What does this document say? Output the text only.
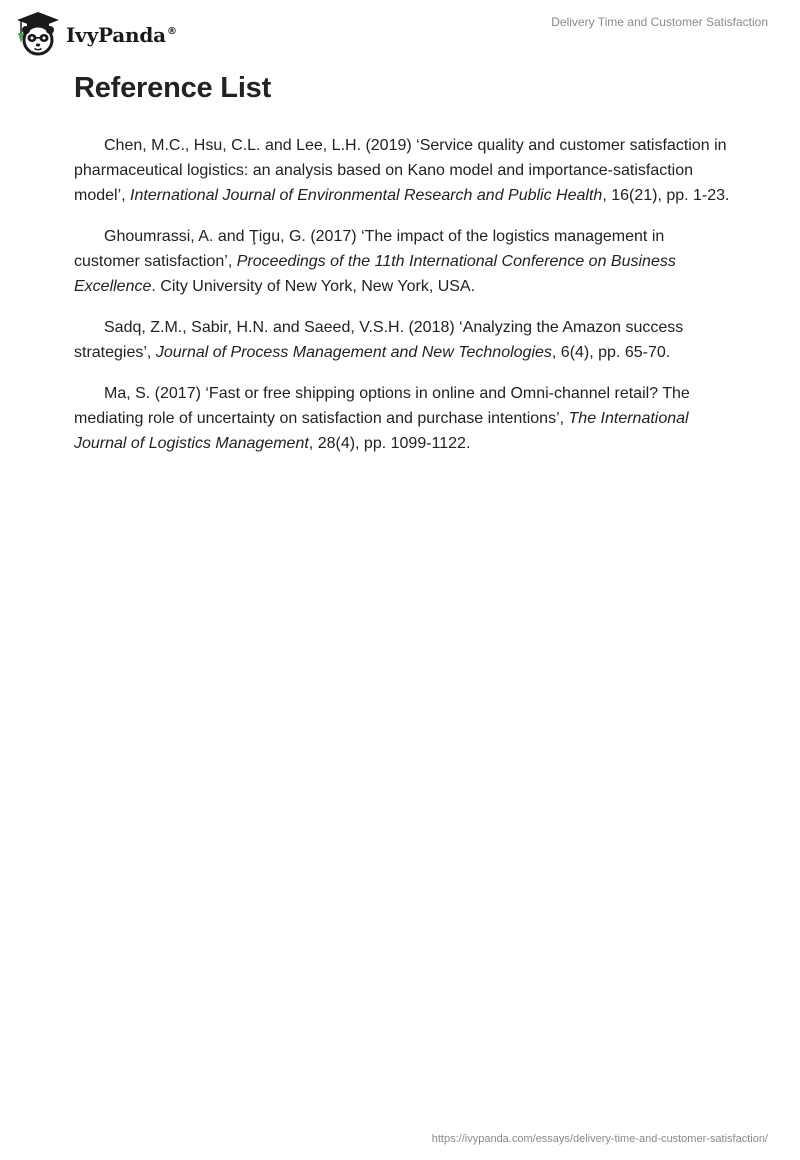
IvyPanda®
Delivery Time and Customer Satisfaction
Reference List
Chen, M.C., Hsu, C.L. and Lee, L.H. (2019) ‘Service quality and customer satisfaction in pharmaceutical logistics: an analysis based on Kano model and importance-satisfaction model’, International Journal of Environmental Research and Public Health, 16(21), pp. 1-23.
Ghoumrassi, A. and Ţigu, G. (2017) ‘The impact of the logistics management in customer satisfaction’, Proceedings of the 11th International Conference on Business Excellence. City University of New York, New York, USA.
Sadq, Z.M., Sabir, H.N. and Saeed, V.S.H. (2018) ‘Analyzing the Amazon success strategies’, Journal of Process Management and New Technologies, 6(4), pp. 65-70.
Ma, S. (2017) ‘Fast or free shipping options in online and Omni-channel retail? The mediating role of uncertainty on satisfaction and purchase intentions’, The International Journal of Logistics Management, 28(4), pp. 1099-1122.
https://ivypanda.com/essays/delivery-time-and-customer-satisfaction/
